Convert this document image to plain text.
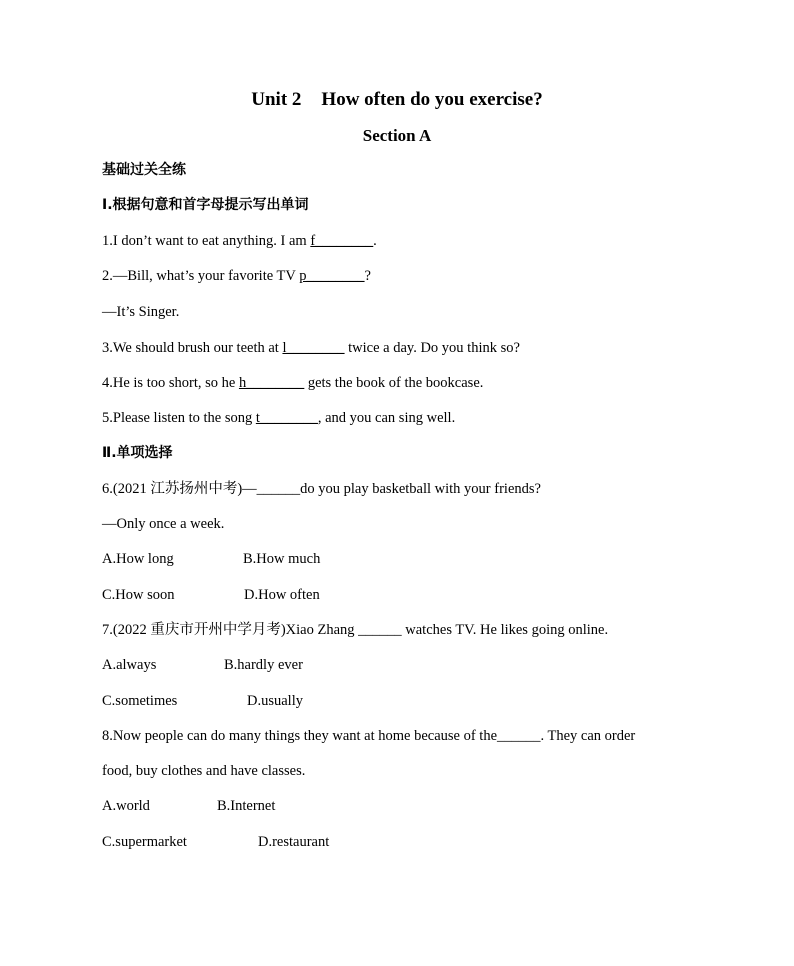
Unit 2 How often do you exercise?
Section A
基础过关全练
Ⅰ.根据句意和首字母提示写出单词
1.I don’t want to eat anything. I am f________.
2.—Bill, what’s your favorite TV p________?
—It’s Singer.
3.We should brush our teeth at l________ twice a day. Do you think so?
4.He is too short, so he h________ gets the book of the bookcase.
5.Please listen to the song t________, and you can sing well.
Ⅱ.单项选择
6.(2021 江苏扬州中考)—______do you play basketball with your friends?
—Only once a week.
A.How long	B.How much
C.How soon	D.How often
7.(2022 重庆市开州中学月考)Xiao Zhang ______ watches TV. He likes going online.
A.always	B.hardly ever
C.sometimes	D.usually
8.Now people can do many things they want at home because of the______. They can order
food, buy clothes and have classes.
A.world	B.Internet
C.supermarket	D.restaurant
